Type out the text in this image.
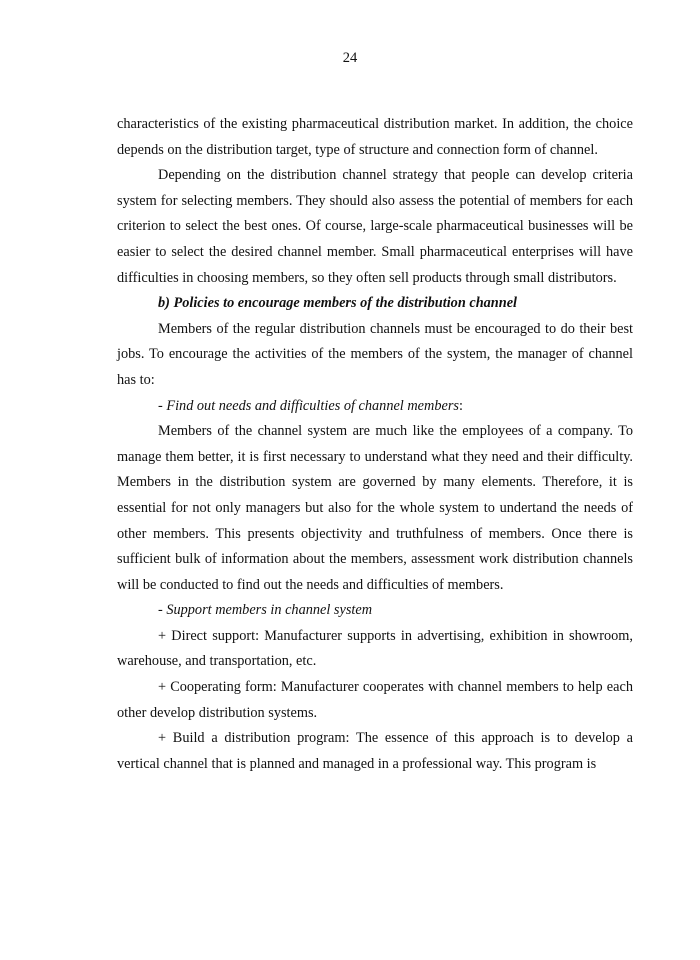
24

characteristics of the existing pharmaceutical distribution market. In addition, the choice depends on the distribution target, type of structure and connection form of channel.

Depending on the distribution channel strategy that people can develop criteria system for selecting members. They should also assess the potential of members for each criterion to select the best ones. Of course, large-scale pharmaceutical businesses will be easier to select the desired channel member. Small pharmaceutical enterprises will have difficulties in choosing members, so they often sell products through small distributors.

b) Policies to encourage members of the distribution channel

Members of the regular distribution channels must be encouraged to do their best jobs. To encourage the activities of the members of the system, the manager of channel has to:

- Find out needs and difficulties of channel members:

Members of the channel system are much like the employees of a company. To manage them better, it is first necessary to understand what they need and their difficulty. Members in the distribution system are governed by many elements. Therefore, it is essential for not only managers but also for the whole system to undertand the needs of other members. This presents objectivity and truthfulness of members. Once there is sufficient bulk of information about the members, assessment work distribution channels will be conducted to find out the needs and difficulties of members.

- Support members in channel system

+ Direct support: Manufacturer supports in advertising, exhibition in showroom, warehouse, and transportation, etc.

+ Cooperating form: Manufacturer cooperates with channel members to help each other develop distribution systems.

+ Build a distribution program: The essence of this approach is to develop a vertical channel that is planned and managed in a professional way. This program is
